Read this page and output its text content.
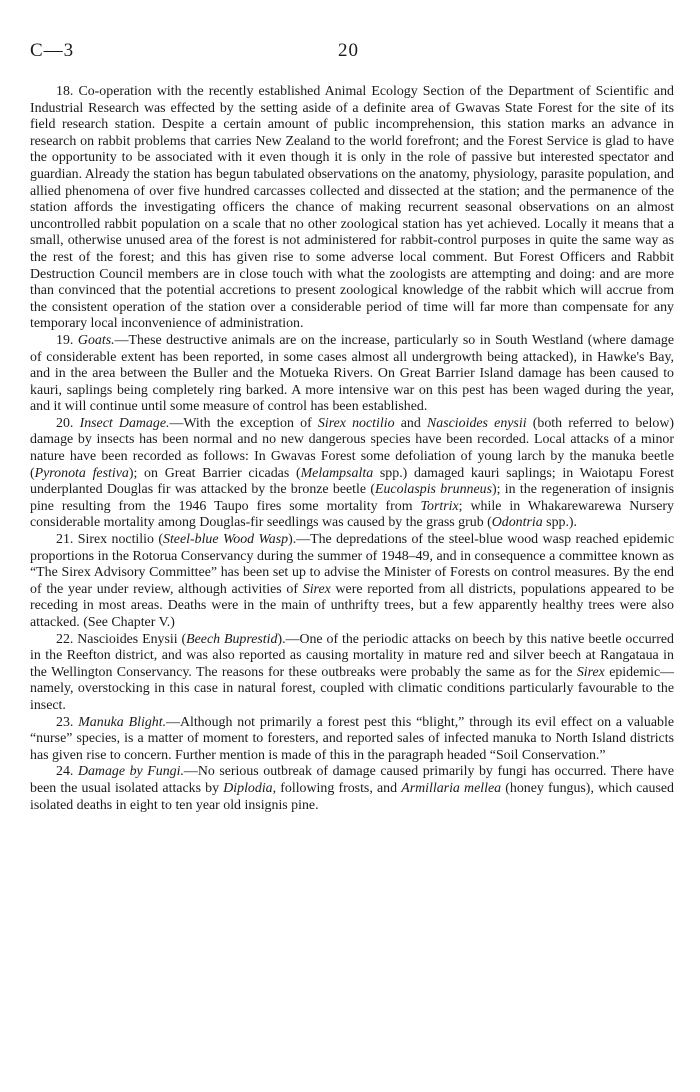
C—3	20

18. Co-operation with the recently established Animal Ecology Section of the Department of Scientific and Industrial Research was effected by the setting aside of a definite area of Gwavas State Forest for the site of its field research station. Despite a certain amount of public incomprehension, this station marks an advance in research on rabbit problems that carries New Zealand to the world forefront; and the Forest Service is glad to have the opportunity to be associated with it even though it is only in the role of passive but interested spectator and guardian. Already the station has begun tabulated observations on the anatomy, physiology, parasite population, and allied phenomena of over five hundred carcasses collected and dissected at the station; and the permanence of the station affords the investigating officers the chance of making recurrent seasonal observations on an almost uncontrolled rabbit population on a scale that no other zoological station has yet achieved. Locally it means that a small, otherwise unused area of the forest is not administered for rabbit-control purposes in quite the same way as the rest of the forest; and this has given rise to some adverse local comment. But Forest Officers and Rabbit Destruction Council members are in close touch with what the zoologists are attempting and doing: and are more than convinced that the potential accretions to present zoological knowledge of the rabbit which will accrue from the consistent operation of the station over a considerable period of time will far more than compensate for any temporary local inconvenience of administration.

19. Goats.—These destructive animals are on the increase, particularly so in South Westland (where damage of considerable extent has been reported, in some cases almost all undergrowth being attacked), in Hawke's Bay, and in the area between the Buller and the Motueka Rivers. On Great Barrier Island damage has been caused to kauri, saplings being completely ring barked. A more intensive war on this pest has been waged during the year, and it will continue until some measure of control has been established.

20. Insect Damage.—With the exception of Sirex noctilio and Nascioides enysii (both referred to below) damage by insects has been normal and no new dangerous species have been recorded. Local attacks of a minor nature have been recorded as follows: In Gwavas Forest some defoliation of young larch by the manuka beetle (Pyronota festiva); on Great Barrier cicadas (Melampsalta spp.) damaged kauri saplings; in Waiotapu Forest underplanted Douglas fir was attacked by the bronze beetle (Eucolaspis brunneus); in the regeneration of insignis pine resulting from the 1946 Taupo fires some mortality from Tortrix; while in Whakarewarewa Nursery considerable mortality among Douglas-fir seedlings was caused by the grass grub (Odontria spp.).

21. Sirex noctilio (Steel-blue Wood Wasp).—The depredations of the steel-blue wood wasp reached epidemic proportions in the Rotorua Conservancy during the summer of 1948–49, and in consequence a committee known as “The Sirex Advisory Committee” has been set up to advise the Minister of Forests on control measures. By the end of the year under review, although activities of Sirex were reported from all districts, populations appeared to be receding in most areas. Deaths were in the main of unthrifty trees, but a few apparently healthy trees were also attacked. (See Chapter V.)

22. Nascioides Enysii (Beech Buprestid).—One of the periodic attacks on beech by this native beetle occurred in the Reefton district, and was also reported as causing mortality in mature red and silver beech at Rangataua in the Wellington Conservancy. The reasons for these outbreaks were probably the same as for the Sirex epidemic—namely, overstocking in this case in natural forest, coupled with climatic conditions particularly favourable to the insect.

23. Manuka Blight.—Although not primarily a forest pest this “blight,” through its evil effect on a valuable “nurse” species, is a matter of moment to foresters, and reported sales of infected manuka to North Island districts has given rise to concern. Further mention is made of this in the paragraph headed “Soil Conservation.”

24. Damage by Fungi.—No serious outbreak of damage caused primarily by fungi has occurred. There have been the usual isolated attacks by Diplodia, following frosts, and Armillaria mellea (honey fungus), which caused isolated deaths in eight to ten year old insignis pine.
